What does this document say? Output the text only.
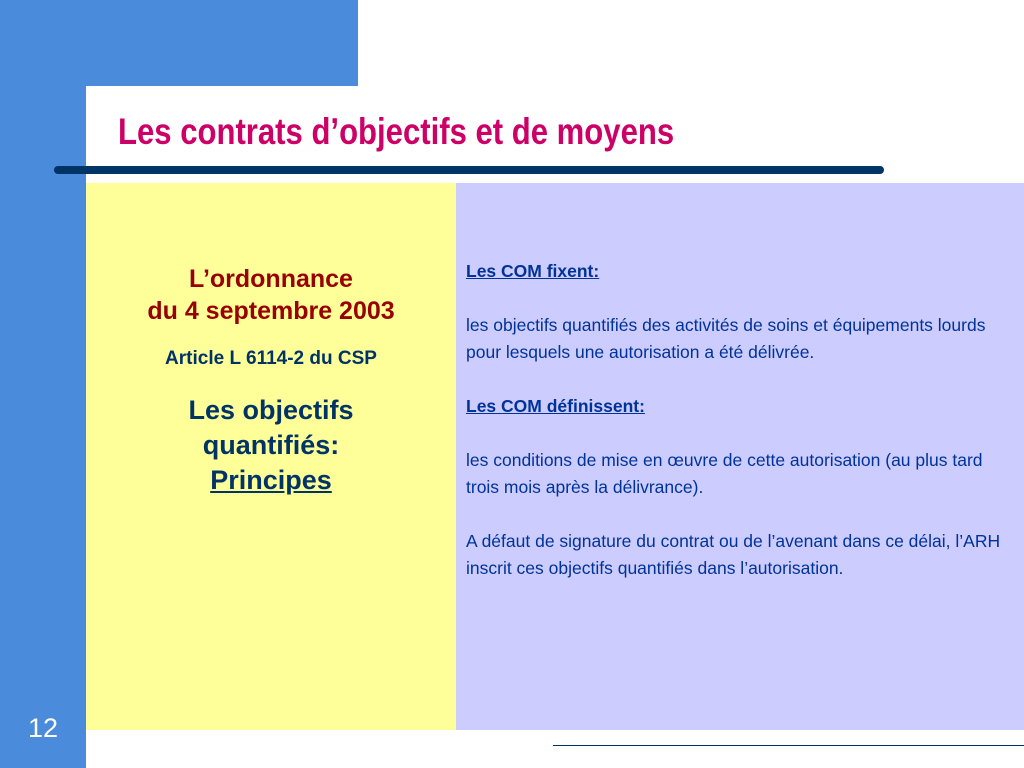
Les contrats d’objectifs et de moyens
L’ordonnance
du 4 septembre 2003
Article L 6114-2 du CSP
Les objectifs
quantifiés:
Principes

Les COM fixent:

les objectifs quantifiés des activités de soins et équipements lourds pour lesquels une autorisation a été délivrée.

Les COM définissent:

les conditions de mise en œuvre de cette autorisation (au plus tard trois mois après la délivrance).

A défaut de signature du contrat ou de l’avenant dans ce délai, l’ARH inscrit ces objectifs quantifiés dans l’autorisation.

12
